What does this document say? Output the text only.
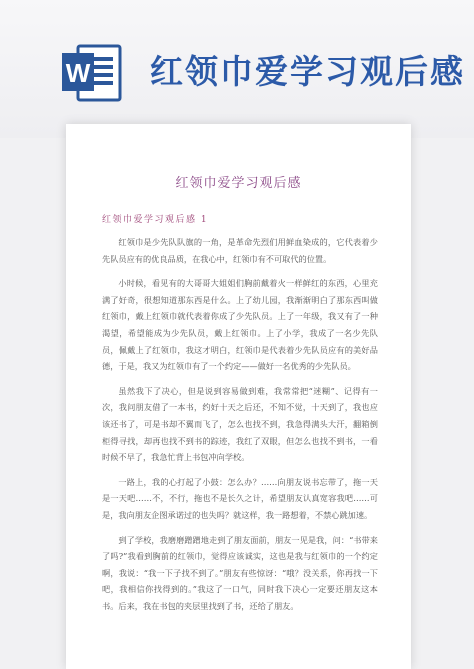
W 红领巾爱学习观后感
红领巾爱学习观后感
红领巾爱学习观后感 1

红领巾是少先队队旗的一角，是革命先烈们用鲜血染成的，它代表着少先队员应有的优良品质，在我心中，红领巾有不可取代的位置。

小时候，看见有的大哥哥大姐姐们胸前戴着火一样鲜红的东西，心里充满了好奇，很想知道那东西是什么。上了幼儿园，我渐渐明白了那东西叫做红领巾，戴上红领巾就代表着你成了少先队员。上了一年级，我又有了一种渴望，希望能成为少先队员，戴上红领巾。上了小学，我成了一名少先队员，佩戴上了红领巾，我这才明白，红领巾是代表着少先队员应有的美好品德，于是，我又为红领巾有了一个约定——做好一名优秀的少先队员。

虽然我下了决心，但是说到容易做到难，我常常把“迷糊”、记得有一次，我问朋友借了一本书，约好十天之后还，不知不觉，十天到了，我也应该还书了，可是书却不翼而飞了，怎么也找不到，我急得满头大汗，翻箱倒柜得寻找，却再也找不到书的踪迹，我红了双眼，但怎么也找不到书，一看时候不早了，我急忙背上书包冲向学校。

一路上，我的心打起了小鼓：怎么办？……向朋友说书忘带了，拖一天是一天吧……不，不行，拖也不是长久之计，希望朋友认真宽容我吧……可是，我向朋友企图承诺过的也失吗？就这样，我一路想着，不禁心跳加速。

到了学校，我磨磨蹭蹭地走到了朋友面前，朋友一见是我，问：“书带来了吗?”我看到胸前的红领巾，觉得应该诚实，这也是我与红领巾的一个约定啊，我说：“我一下子找不到了。”朋友有些惊讶：“哦？没关系，你再找一下吧，我相信你找得到的。”我这了一口气，同时我下决心一定要还朋友这本书。后来，我在书包的夹层里找到了书，还给了朋友。
